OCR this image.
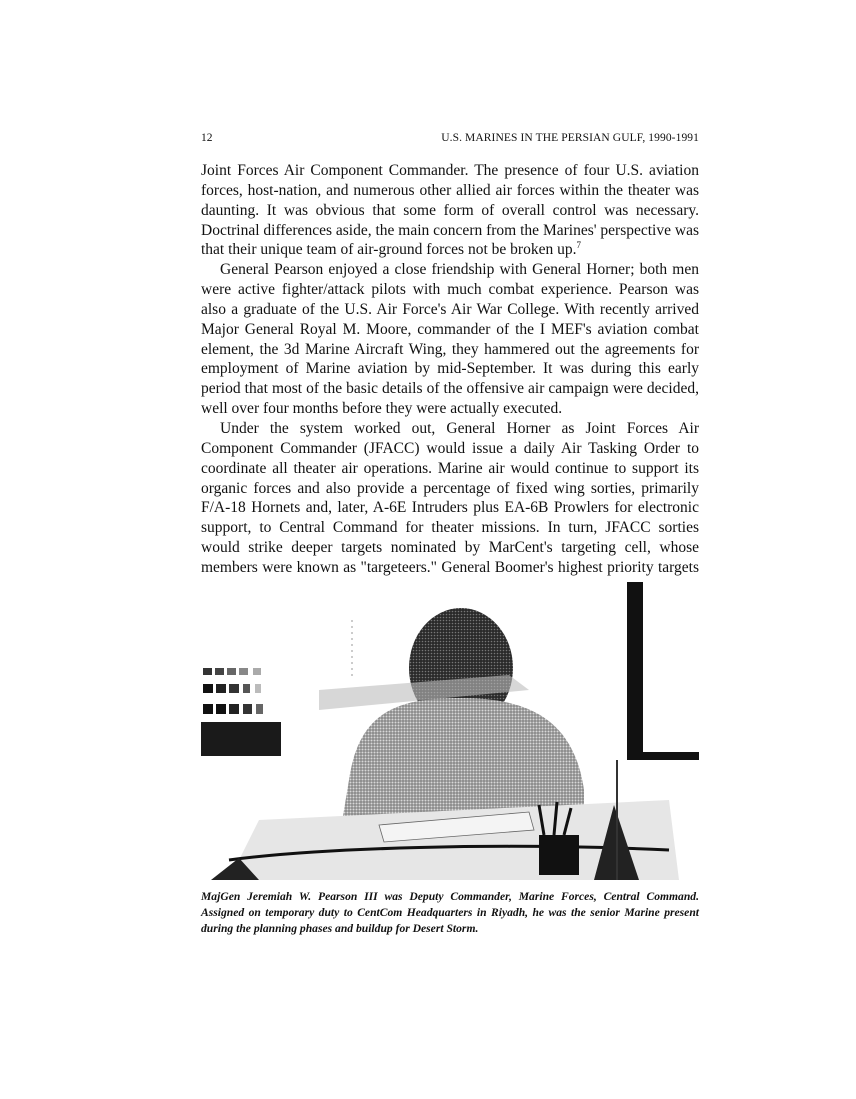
12	U.S. MARINES IN THE PERSIAN GULF, 1990-1991

Joint Forces Air Component Commander. The presence of four U.S. aviation forces, host-nation, and numerous other allied air forces within the theater was daunting. It was obvious that some form of overall control was necessary. Doctrinal differences aside, the main concern from the Marines' perspective was that their unique team of air-ground forces not be broken up.$^7$

General Pearson enjoyed a close friendship with General Horner; both men were active fighter/attack pilots with much combat experience. Pearson was also a graduate of the U.S. Air Force's Air War College. With recently arrived Major General Royal M. Moore, commander of the I MEF's aviation combat element, the 3d Marine Aircraft Wing, they hammered out the agreements for employment of Marine aviation by mid-September. It was during this early period that most of the basic details of the offensive air campaign were decided, well over four months before they were actually executed.

Under the system worked out, General Horner as Joint Forces Air Component Commander (JFACC) would issue a daily Air Tasking Order to coordinate all theater air operations. Marine air would continue to support its organic forces and also provide a percentage of fixed wing sorties, primarily F/A-18 Hornets and, later, A-6E Intruders plus EA-6B Prowlers for electronic support, to Central Command for theater missions. In turn, JFACC sorties would strike deeper targets nominated by MarCent's targeting cell, whose members were known as "targeteers." General Boomer's highest priority targets

MajGen Jeremiah W. Pearson III was Deputy Commander, Marine Forces, Central Command. Assigned on temporary duty to CentCom Headquarters in Riyadh, he was the senior Marine present during the planning phases and buildup for Desert Storm.
